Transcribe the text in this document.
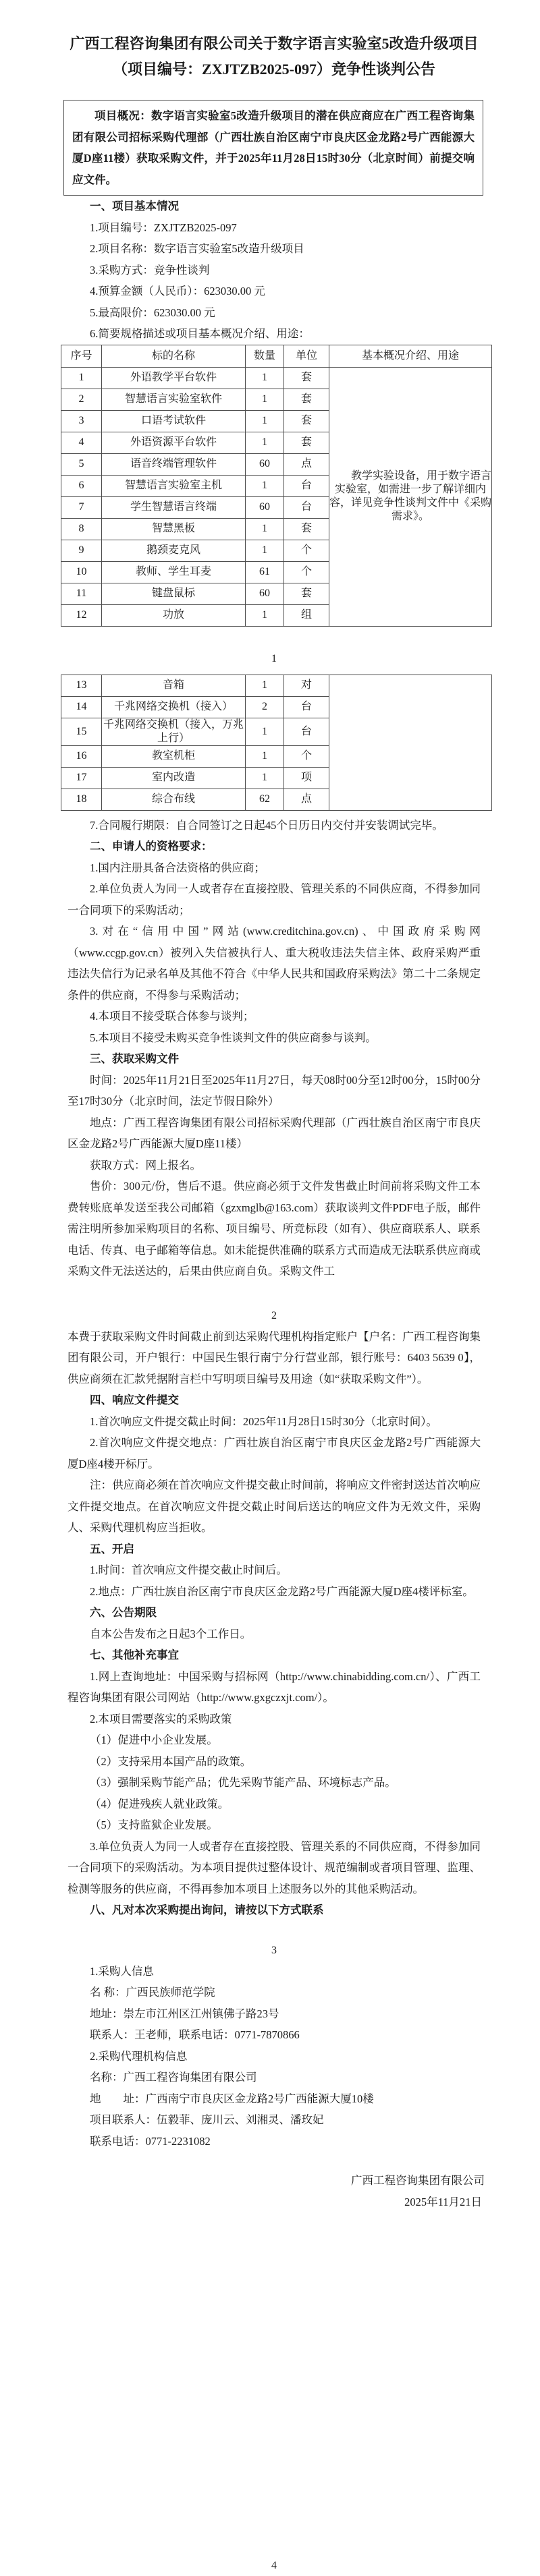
广西工程咨询集团有限公司关于数字语言实验室5改造升级项目
（项目编号：ZXJTZB2025-097）竞争性谈判公告
项目概况：数字语言实验室5改造升级项目的潜在供应商应在广西工程咨询集团有限公司招标采购代理部（广西壮族自治区南宁市良庆区金龙路2号广西能源大厦D座11楼）获取采购文件，并于2025年11月28日15时30分（北京时间）前提交响应文件。
一、项目基本情况
1.项目编号：ZXJTZB2025-097
2.项目名称：数字语言实验室5改造升级项目
3.采购方式：竞争性谈判
4.预算金额（人民币）：623030.00 元
5.最高限价：623030.00 元
6.简要规格描述或项目基本概况介绍、用途：
序号	标的名称	数量	单位	基本概况介绍、用途
1	外语教学平台软件	1	套	教学实验设备，用于数字语言实验室，如需进一步了解详细内容，详见竞争性谈判文件中《采购需求》。
2	智慧语言实验室软件	1	套	
3	口语考试软件	1	套	
4	外语资源平台软件	1	套	
5	语音终端管理软件	60	点	
6	智慧语言实验室主机	1	台	
7	学生智慧语言终端	60	台	
8	智慧黑板	1	套	
9	鹅颈麦克风	1	个	
10	教师、学生耳麦	61	个	
11	键盘鼠标	60	套	
12	功放	1	组	
1
13	音箱	1	对	
14	千兆网络交换机（接入）	2	台	
15	千兆网络交换机（接入，万兆上行）	1	台	
16	教室机柜	1	个	
17	室内改造	1	项	
18	综合布线	62	点	
7.合同履行期限：自合同签订之日起45个日历日内交付并安装调试完毕。
二、申请人的资格要求：
1.国内注册具备合法资格的供应商；
2.单位负责人为同一人或者存在直接控股、管理关系的不同供应商，不得参加同一合同项下的采购活动；
3.对在“信用中国”网站(www.creditchina.gov.cn)、中国政府采购网（www.ccgp.gov.cn）被列入失信被执行人、重大税收违法失信主体、政府采购严重违法失信行为记录名单及其他不符合《中华人民共和国政府采购法》第二十二条规定条件的供应商，不得参与采购活动；
4.本项目不接受联合体参与谈判；
5.本项目不接受未购买竞争性谈判文件的供应商参与谈判。
三、获取采购文件
时间：2025年11月21日至2025年11月27日，每天08时00分至12时00分，15时00分至17时30分（北京时间，法定节假日除外）
地点：广西工程咨询集团有限公司招标采购代理部（广西壮族自治区南宁市良庆区金龙路2号广西能源大厦D座11楼）
获取方式：网上报名。
售价：300元/份，售后不退。供应商必须于文件发售截止时间前将采购文件工本费转账底单发送至我公司邮箱（gzxmglb@163.com）获取谈判文件PDF电子版，邮件需注明所参加采购项目的名称、项目编号、所竞标段（如有）、供应商联系人、联系电话、传真、电子邮箱等信息。如未能提供准确的联系方式而造成无法联系供应商或采购文件无法送达的，后果由供应商自负。采购文件工
2
本费于获取采购文件时间截止前到达采购代理机构指定账户【户名：广西工程咨询集团有限公司，开户银行：中国民生银行南宁分行营业部，银行账号：6403 5639 0】，供应商须在汇款凭据附言栏中写明项目编号及用途（如“获取采购文件”）。
四、响应文件提交
1.首次响应文件提交截止时间：2025年11月28日15时30分（北京时间）。
2.首次响应文件提交地点：广西壮族自治区南宁市良庆区金龙路2号广西能源大厦D座4楼开标厅。
注：供应商必须在首次响应文件提交截止时间前，将响应文件密封送达首次响应文件提交地点。在首次响应文件提交截止时间后送达的响应文件为无效文件，采购人、采购代理机构应当拒收。
五、开启
1.时间：首次响应文件提交截止时间后。
2.地点：广西壮族自治区南宁市良庆区金龙路2号广西能源大厦D座4楼评标室。
六、公告期限
自本公告发布之日起3个工作日。
七、其他补充事宜
1.网上查询地址：中国采购与招标网（http://www.chinabidding.com.cn/）、广西工程咨询集团有限公司网站（http://www.gxgczxjt.com/）。
2.本项目需要落实的采购政策
（1）促进中小企业发展。
（2）支持采用本国产品的政策。
（3）强制采购节能产品；优先采购节能产品、环境标志产品。
（4）促进残疾人就业政策。
（5）支持监狱企业发展。
3.单位负责人为同一人或者存在直接控股、管理关系的不同供应商，不得参加同一合同项下的采购活动。为本项目提供过整体设计、规范编制或者项目管理、监理、检测等服务的供应商，不得再参加本项目上述服务以外的其他采购活动。
八、凡对本次采购提出询问，请按以下方式联系
3
1.采购人信息
名 称：广西民族师范学院
地址：崇左市江州区江州镇佛子路23号
联系人：王老师，联系电话：0771-7870866
2.采购代理机构信息
名称：广西工程咨询集团有限公司
地　　址：广西南宁市良庆区金龙路2号广西能源大厦10楼
项目联系人：伍毅菲、庞川云、刘湘灵、潘玫妃
联系电话：0771-2231082
广西工程咨询集团有限公司
2025年11月21日
4
